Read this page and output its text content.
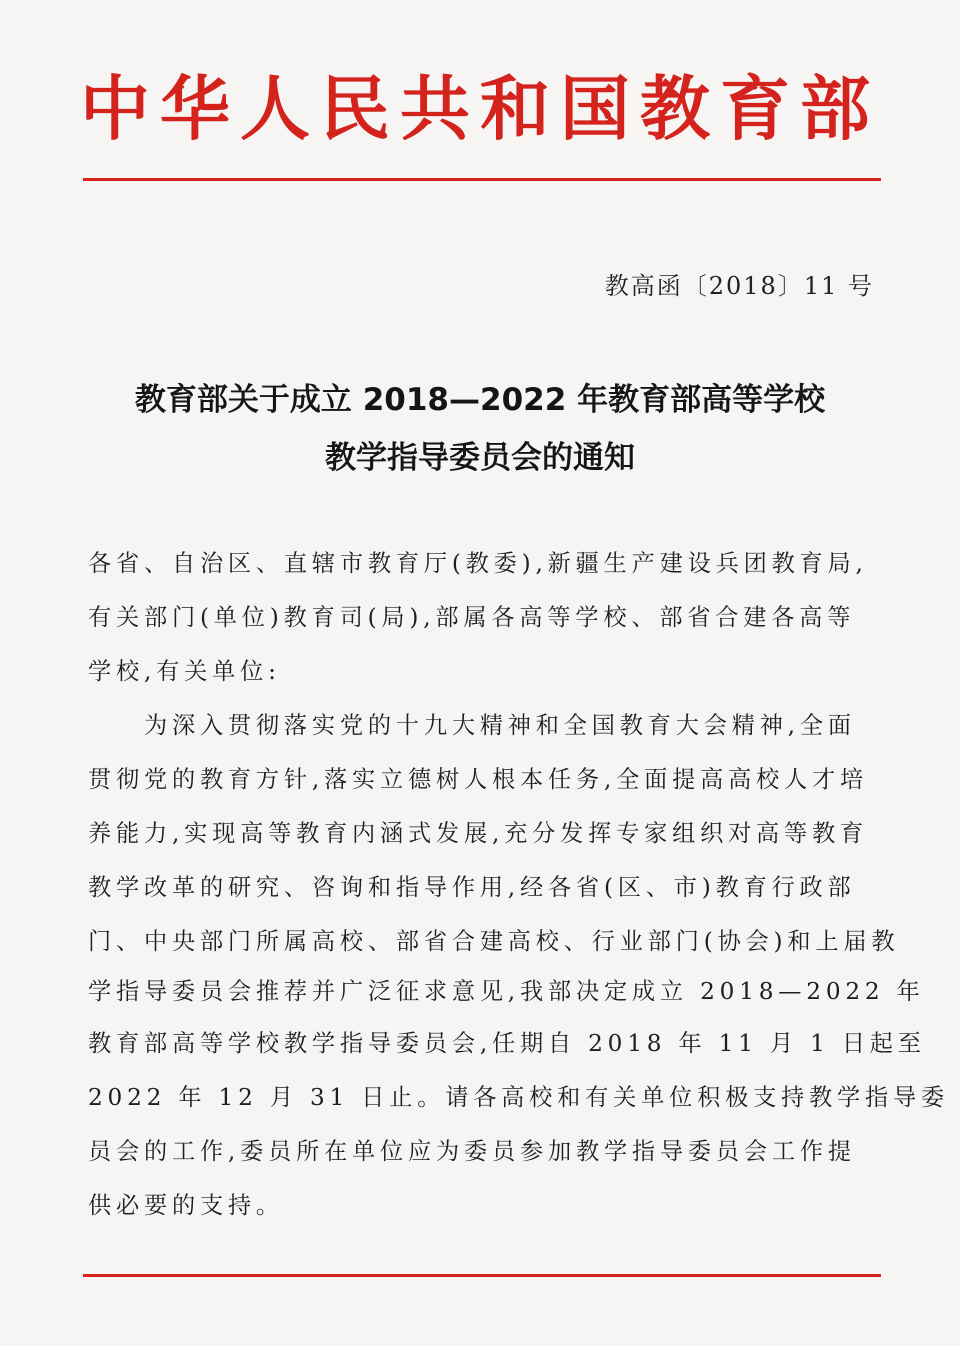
中华人民共和国教育部
教高函〔2018〕11 号
教育部关于成立 2018—2022 年教育部高等学校
教学指导委员会的通知
各省、自治区、直辖市教育厅(教委),新疆生产建设兵团教育局,
有关部门(单位)教育司(局),部属各高等学校、部省合建各高等
学校,有关单位:
　　为深入贯彻落实党的十九大精神和全国教育大会精神,全面
贯彻党的教育方针,落实立德树人根本任务,全面提高高校人才培
养能力,实现高等教育内涵式发展,充分发挥专家组织对高等教育
教学改革的研究、咨询和指导作用,经各省(区、市)教育行政部
门、中央部门所属高校、部省合建高校、行业部门(协会)和上届教
学指导委员会推荐并广泛征求意见,我部决定成立 2018—2022 年
教育部高等学校教学指导委员会,任期自 2018 年 11 月 1 日起至
2022 年 12 月 31 日止。请各高校和有关单位积极支持教学指导委
员会的工作,委员所在单位应为委员参加教学指导委员会工作提
供必要的支持。
